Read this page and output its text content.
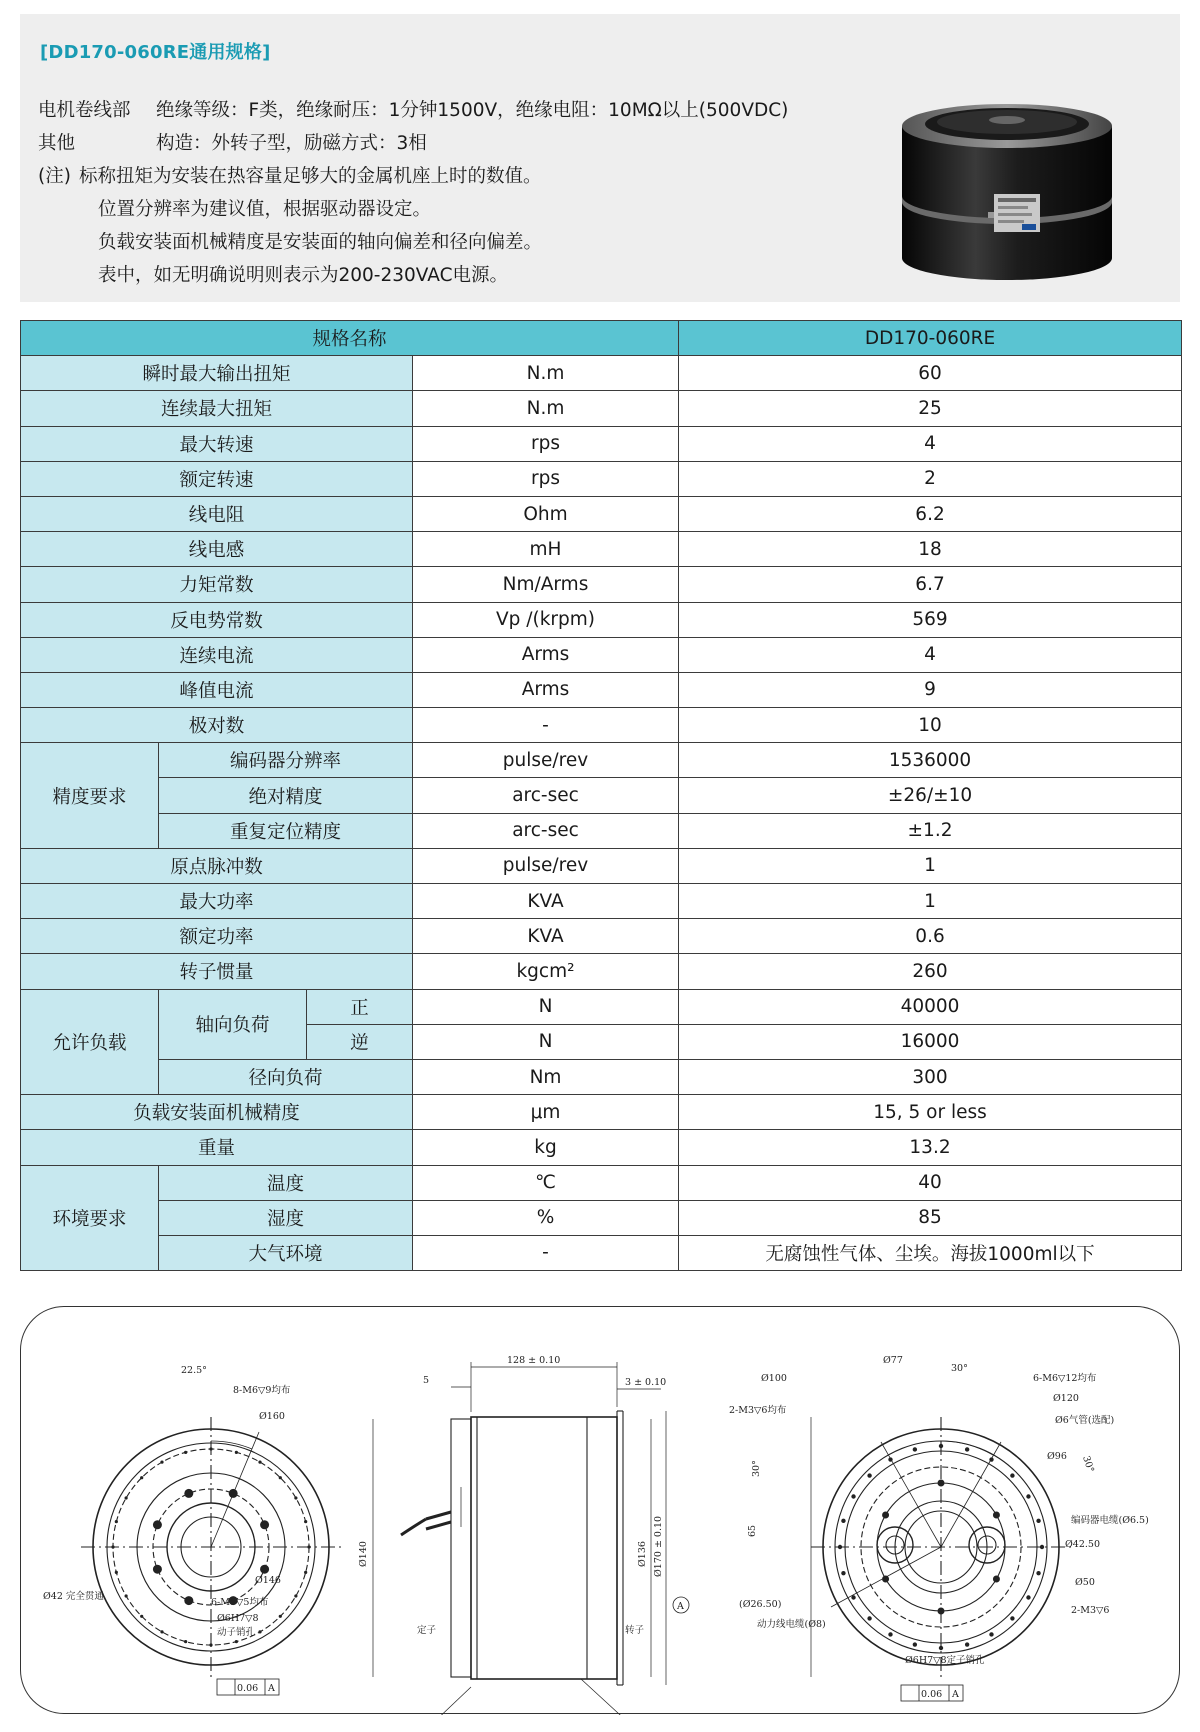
[DD170-060RE通用规格]
电机卷线部 绝缘等级：F类，绝缘耐压：1分钟1500V，绝缘电阻：10MΩ以上(500VDC)
其他	构造：外转子型，励磁方式：3相
(注) 标称扭矩为安装在热容量足够大的金属机座上时的数值。
位置分辨率为建议值，根据驱动器设定。
负载安装面机械精度是安装面的轴向偏差和径向偏差。
表中，如无明确说明则表示为200-230VAC电源。
规格名称				DD170-060RE
瞬时最大输出扭矩			N.m	60
连续最大扭矩			N.m	25
最大转速			rps	4
额定转速			rps	2
线电阻			Ohm	6.2
线电感			mH	18
力矩常数			Nm/Arms	6.7
反电势常数			Vp /(krpm)	569
连续电流			Arms	4
峰值电流			Arms	9
极对数			-	10
精度要求	编码器分辨率		pulse/rev	1536000
	绝对精度		arc-sec	±26/±10
	重复定位精度		arc-sec	±1.2
原点脉冲数			pulse/rev	1
最大功率			KVA	1
额定功率			KVA	0.6
转子惯量			kgcm²	260
允许负载	轴向负荷	正	N	40000
		逆	N	16000
	径向负荷		Nm	300
负载安装面机械精度			μm	15, 5 or less
重量			kg	13.2
环境要求	温度		℃	40
	湿度		%	85
	大气环境		-	无腐蚀性气体、尘埃。海拔1000ml以下
22.5°
8-M6▽9均布
Ø160
Ø146
Ø42 完全贯通
6-M5▽5均布
Ø6H7▽8
动子销孔
0.06 A
128 ± 0.10
5	3 ± 0.10
Ø140	Ø136 Ø170 ± 0.10
定子	转子
A
Ø77
Ø100
30°
6-M6▽12均布
Ø120
2-M3▽6均布
Ø6气管(选配)
Ø96
30°	30°
编码器电缆(Ø6.5)
65
Ø42.50
Ø50
2-M3▽6
(Ø26.50)
动力线电缆(Ø8)
Ø6H7▽8定子销孔
0.06 A
